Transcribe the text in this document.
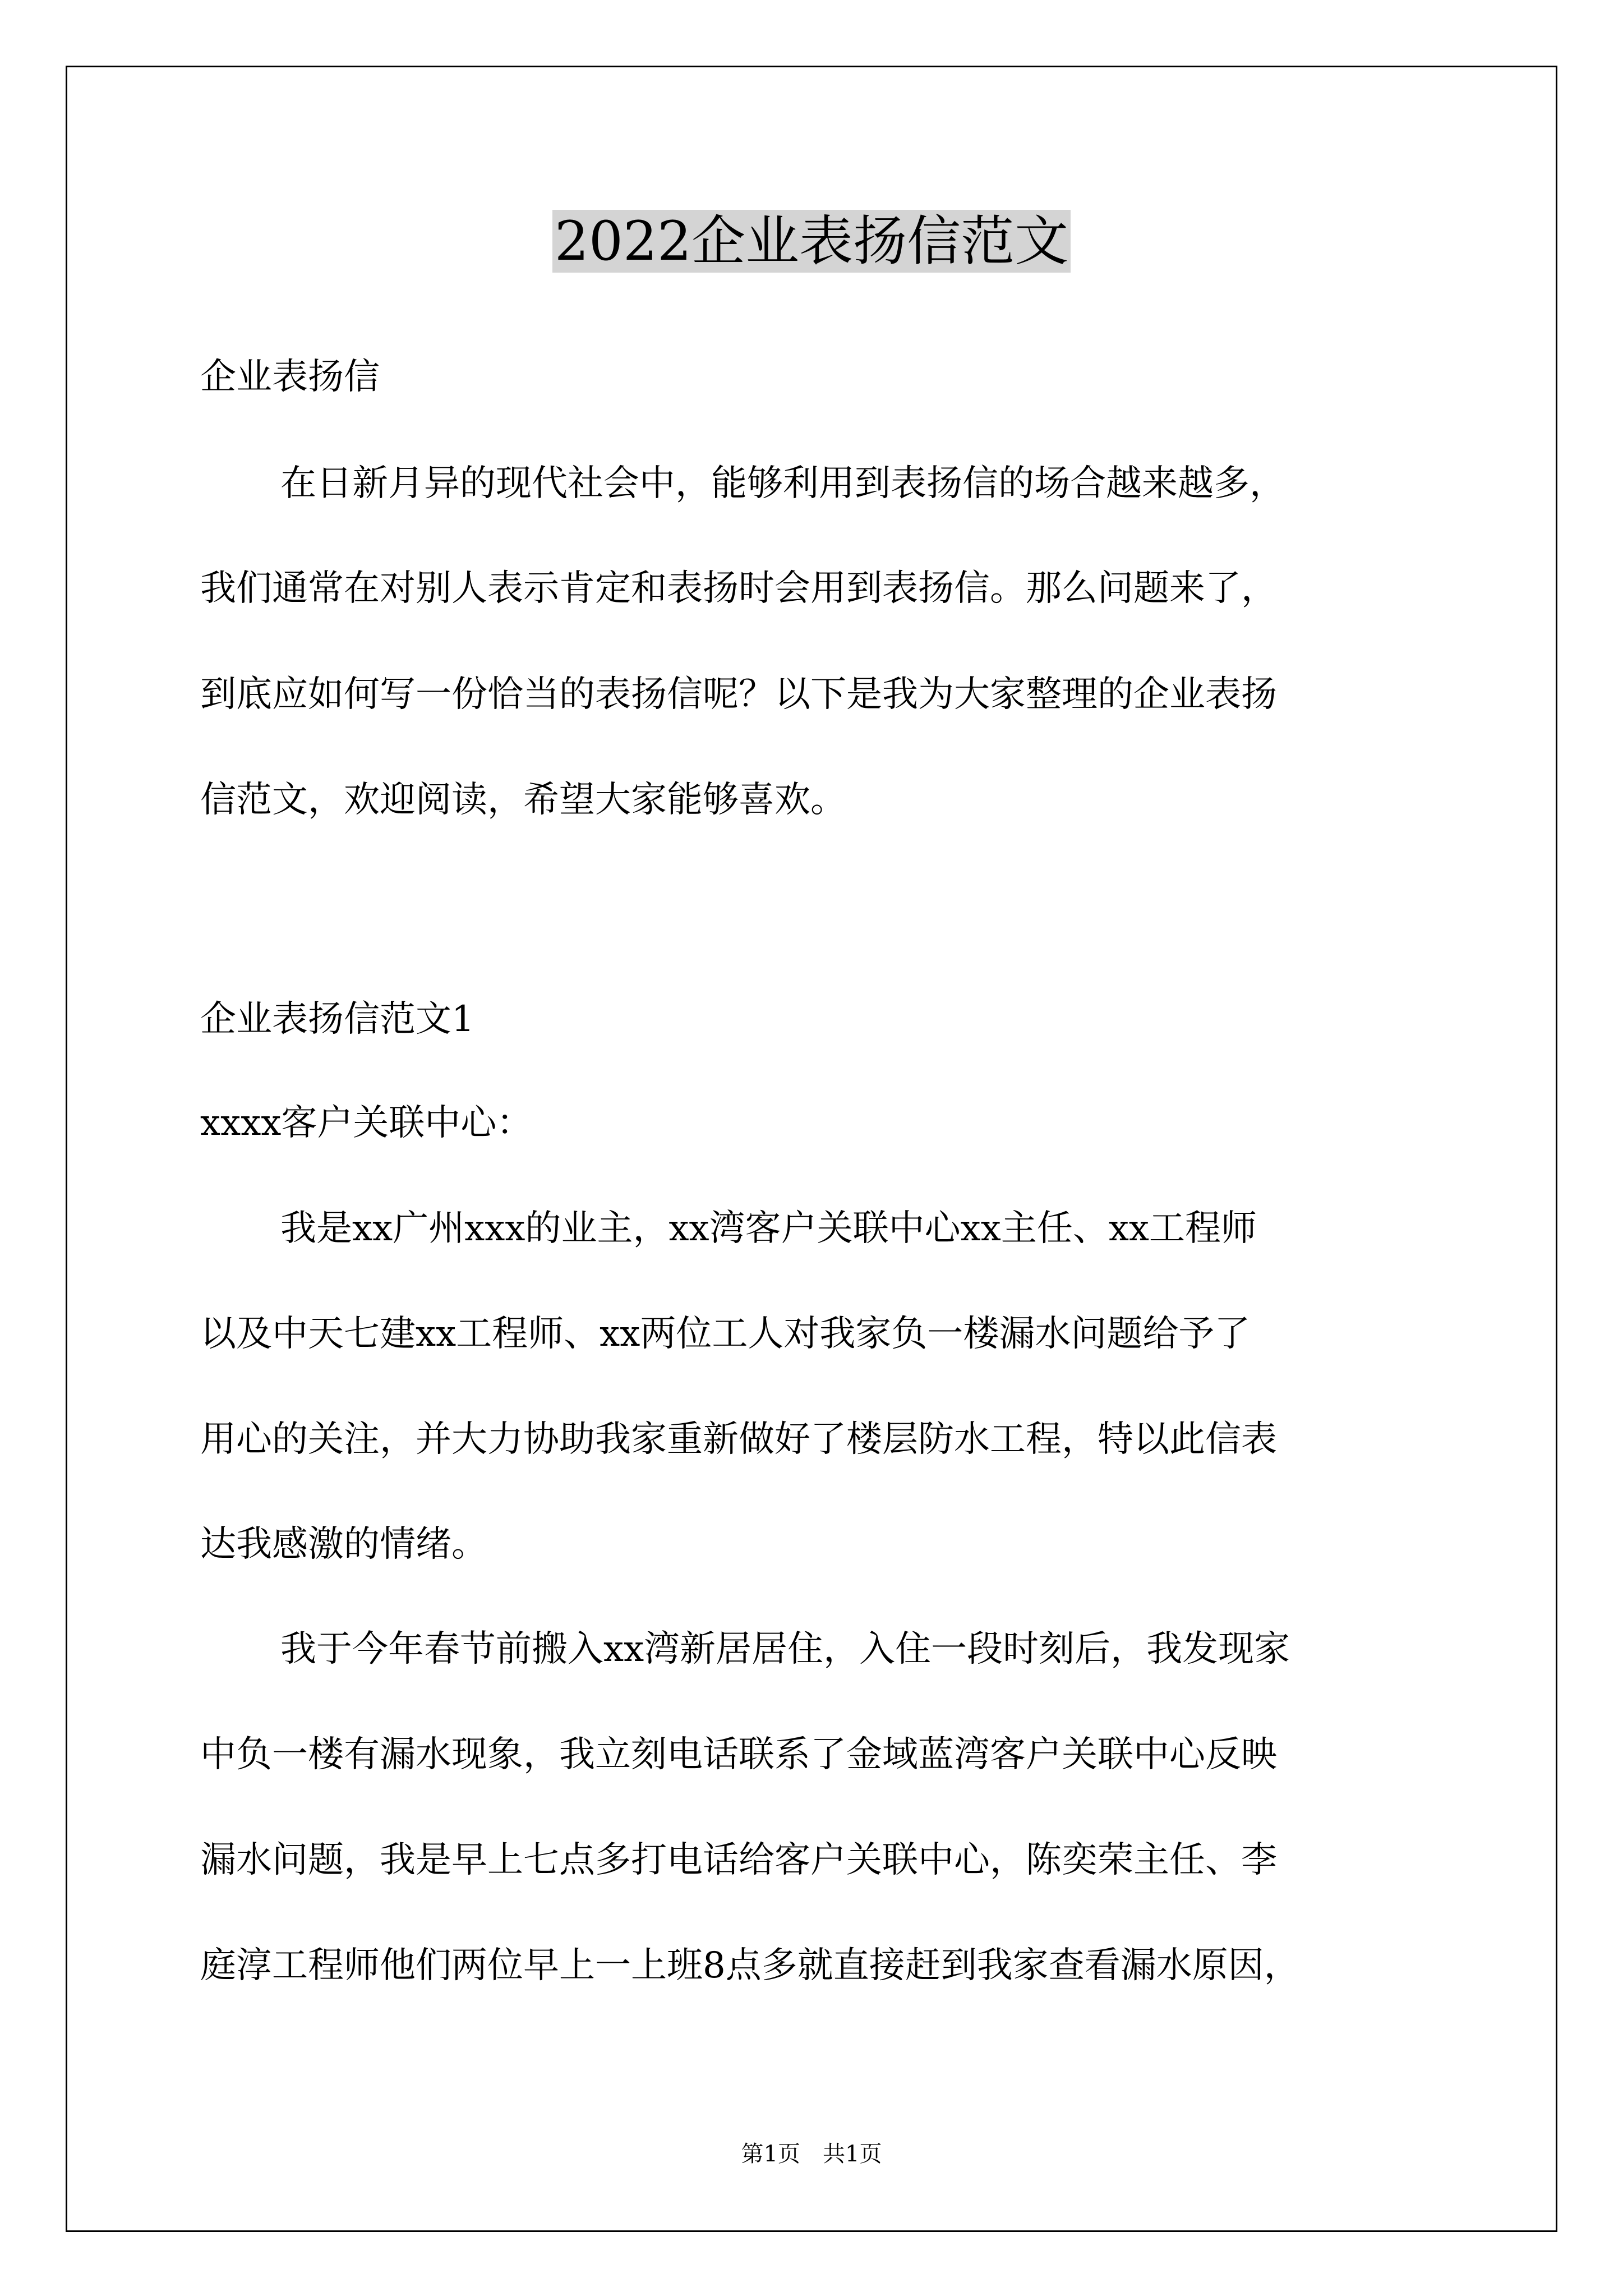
2022企业表扬信范文

企业表扬信

在日新月异的现代社会中，能够利用到表扬信的场合越来越多，

我们通常在对别人表示肯定和表扬时会用到表扬信。那么问题来了，

到底应如何写一份恰当的表扬信呢？以下是我为大家整理的企业表扬

信范文，欢迎阅读，希望大家能够喜欢。

企业表扬信范文1

xxxx客户关联中心：

我是xx广州xxx的业主，xx湾客户关联中心xx主任、xx工程师

以及中天七建xx工程师、xx两位工人对我家负一楼漏水问题给予了

用心的关注，并大力协助我家重新做好了楼层防水工程，特以此信表

达我感激的情绪。

我于今年春节前搬入xx湾新居居住，入住一段时刻后，我发现家

中负一楼有漏水现象，我立刻电话联系了金域蓝湾客户关联中心反映

漏水问题，我是早上七点多打电话给客户关联中心，陈奕荣主任、李

庭淳工程师他们两位早上一上班8点多就直接赶到我家查看漏水原因，

第1页　共1页
